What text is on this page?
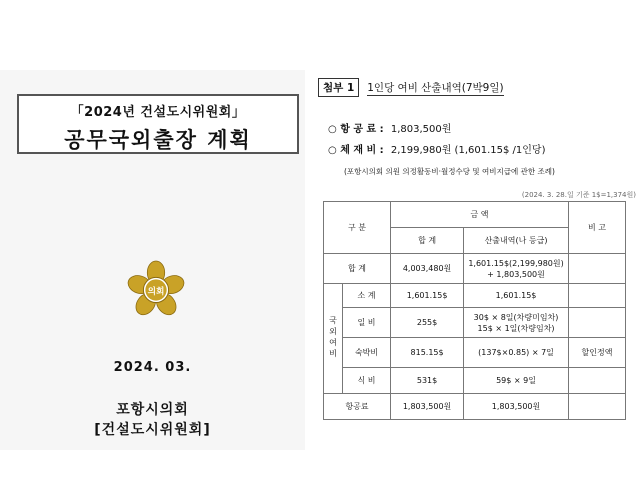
「2024년 건설도시위원회」
공무국외출장 계획
의회
2024. 03.
포항시의회
[건설도시위원회]
첨부 1	1인당 여비 산출내역(7박9일)
○ 항 공 료 : 1,803,500원
○ 체 재 비 : 2,199,980원 (1,601.15$ /1인당)
(포항시의회 의원 의정활동비·월정수당 및 여비지급에 관한 조례)
(2024. 3. 28.일 기준 1$=1,374원)
구 분		금 액		비 고
		합 계	산출내역(나 등급)	
합 계		4,003,480원	1,601.15$(2,199,980원)
+ 1,803,500원	

국외여비	소 계	1,601.15$	1,601.15$	
	일 비	255$	30$ × 8일(차량미임차)
15$ × 1일(차량임차)	

	숙박비	815.15$	(137$×0.85) × 7일	할인정액
	식 비	531$	59$ × 9일	
항공료		1,803,500원	1,803,500원	
